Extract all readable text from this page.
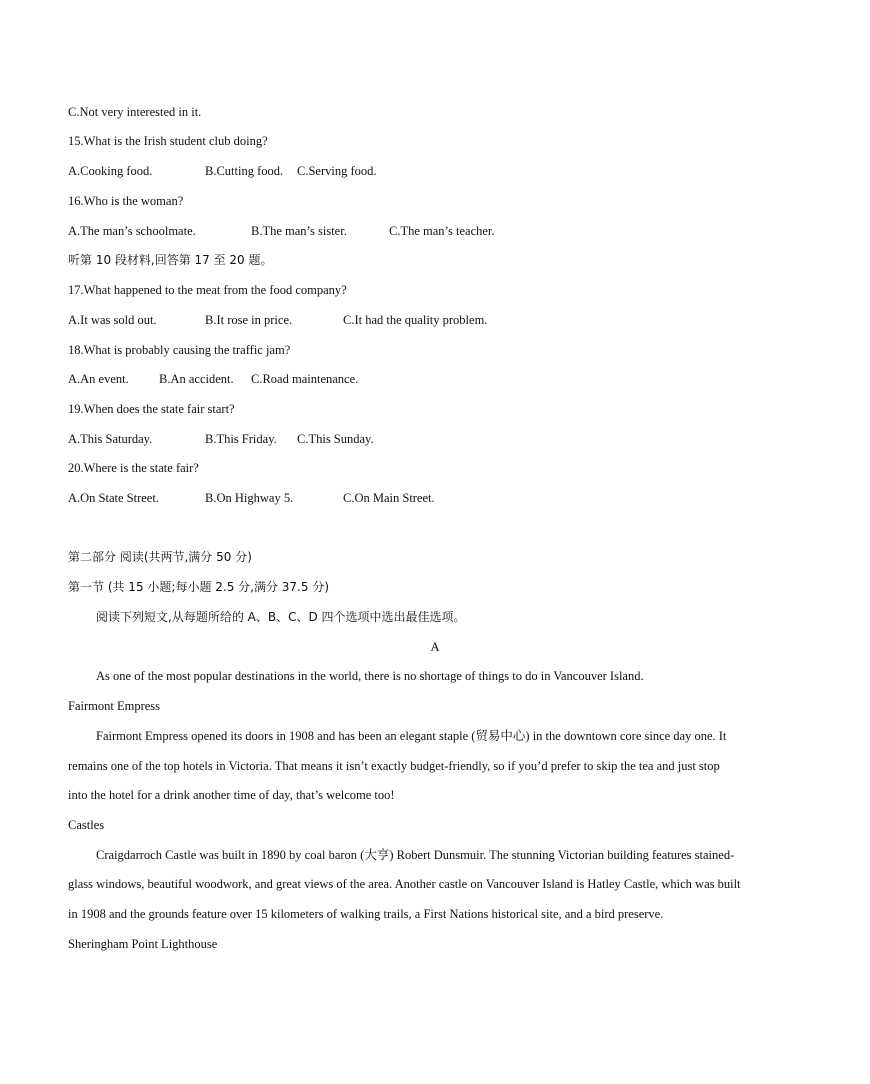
C.Not very interested in it.
15.What is the Irish student club doing?
A.Cooking food.	B.Cutting food. C.Serving food.
16.Who is the woman?
A.The man’s schoolmate.	B.The man’s sister.	C.The man’s teacher.
听第 10 段材料,回答第 17 至 20 题。
17.What happened to the meat from the food company?
A.It was sold out.	B.It rose in price.	C.It had the quality problem.
18.What is probably causing the traffic jam?
A.An event. B.An accident. C.Road maintenance.
19.When does the state fair start?
A.This Saturday.	B.This Friday. C.This Sunday.
20.Where is the state fair?
A.On State Street.	B.On Highway 5.	C.On Main Street.
第二部分 阅读(共两节,满分 50 分)
第一节 (共 15 小题;每小题 2.5 分,满分 37.5 分)
阅读下列短文,从每题所给的 A、B、C、D 四个选项中选出最佳选项。
A
As one of the most popular destinations in the world, there is no shortage of things to do in Vancouver Island.
Fairmont Empress
Fairmont Empress opened its doors in 1908 and has been an elegant staple (贸易中心) in the downtown core since day one. It
remains one of the top hotels in Victoria. That means it isn’t exactly budget-friendly, so if you’d prefer to skip the tea and just stop
into the hotel for a drink another time of day, that’s welcome too!
Castles
Craigdarroch Castle was built in 1890 by coal baron (大亨) Robert Dunsmuir. The stunning Victorian building features stained-
glass windows, beautiful woodwork, and great views of the area. Another castle on Vancouver Island is Hatley Castle, which was built
in 1908 and the grounds feature over 15 kilometers of walking trails, a First Nations historical site, and a bird preserve.
Sheringham Point Lighthouse
